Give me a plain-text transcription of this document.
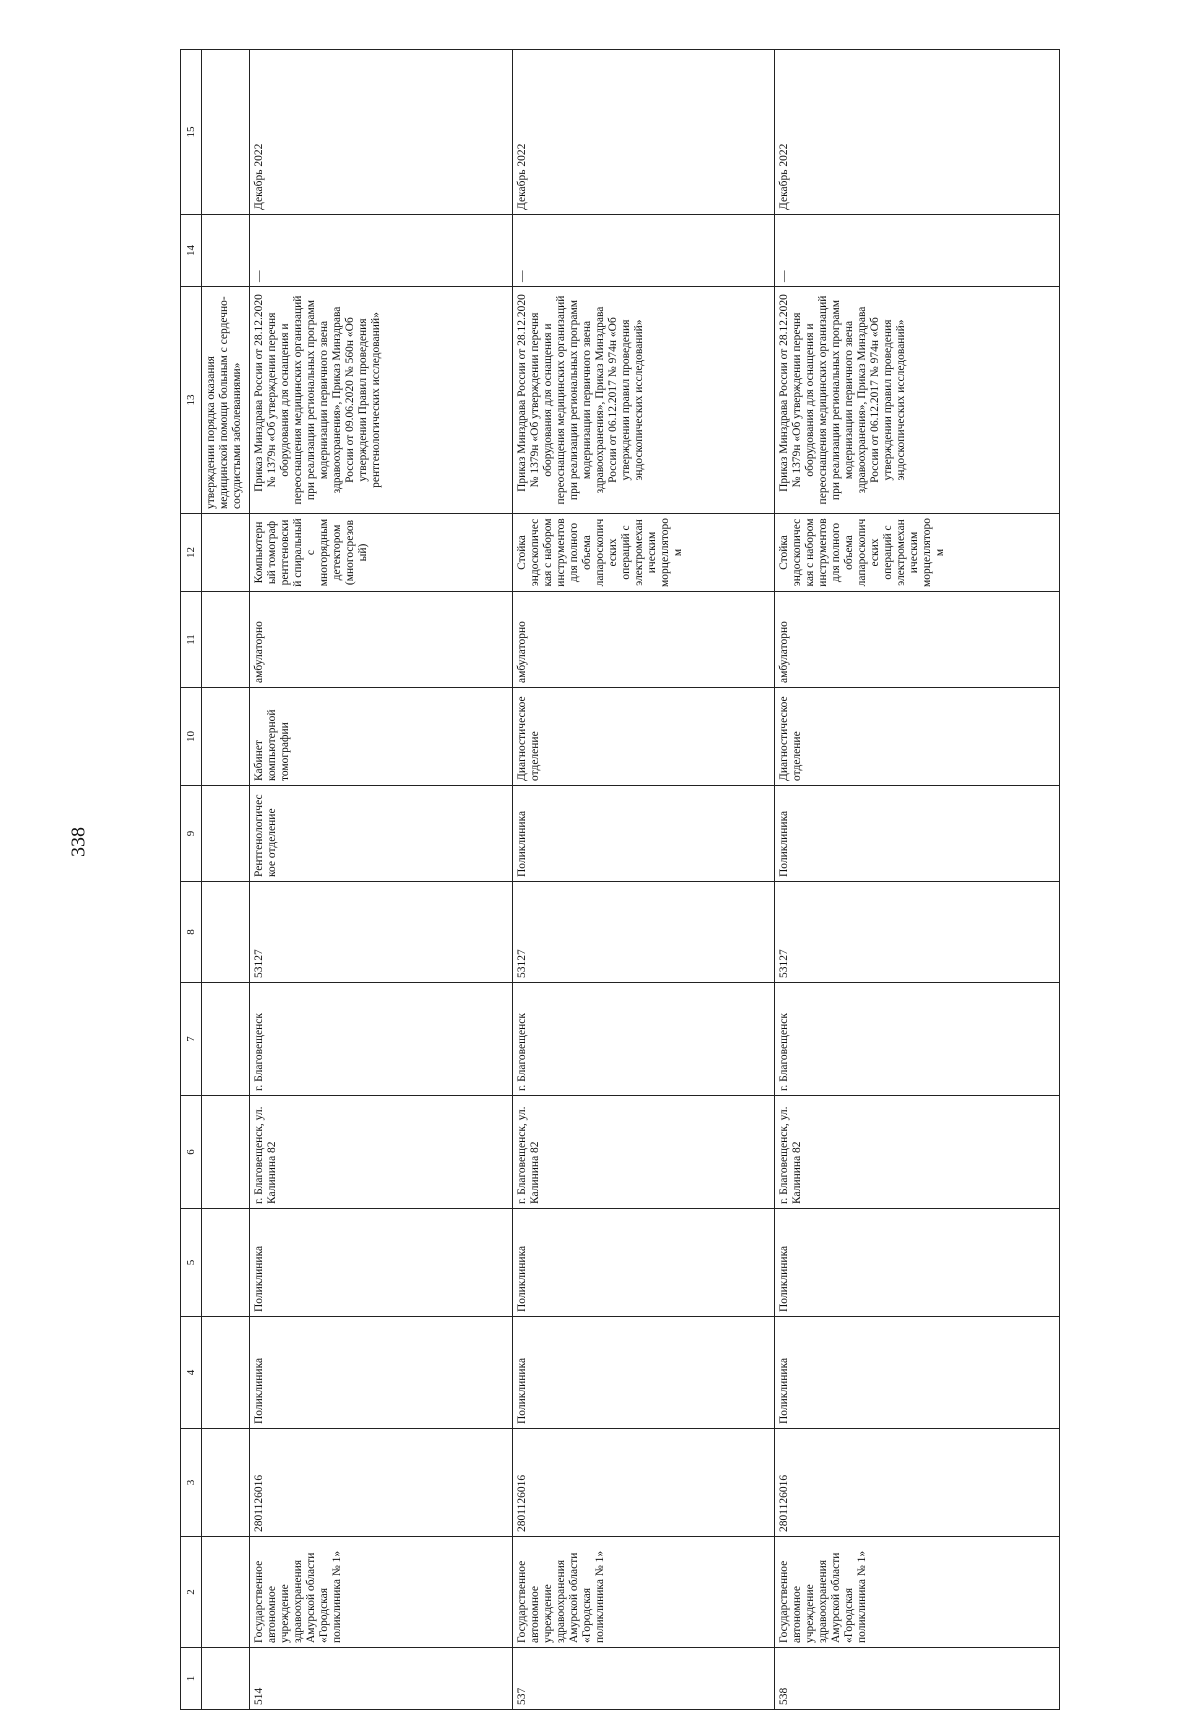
338
1	2	3	4	5	6	7	8	9	10	11	12	13	14	15
												утверждении порядка оказания медицинской помощи больным с сердечно-сосудистыми заболеваниями»		
514	Государственное автономное учреждение здравоохранения Амурской области «Городская поликлиника № 1»	2801126016	Поликлиника	Поликлиника	г. Благовещенск, ул. Калинина 82	г. Благовещенск	53127	Рентгенологическое отделение	Кабинет компьютерной томографии	амбулаторно	Компьютерный томограф рентгеновский спиральный с многорядным детектором (многосрезовый)	Приказ Минздрава России от 28.12.2020 № 1379н «Об утверждении перечня оборудования для оснащения и переоснащения медицинских организаций при реализации региональных программ модернизации первичного звена здравоохранения», Приказ Минздрава России от 09.06.2020 № 560н «Об утверждении Правил проведения рентгенологических исследований»	—	Декабрь 2022
537	Государственное автономное учреждение здравоохранения Амурской области «Городская поликлиника № 1»	2801126016	Поликлиника	Поликлиника	г. Благовещенск, ул. Калинина 82	г. Благовещенск	53127	Поликлиника	Диагностическое отделение	амбулаторно	Стойка эндоскопическая с набором инструментов для полного объема лапароскопических операций с электромеханическим морцеллятором	Приказ Минздрава России от 28.12.2020 № 1379н «Об утверждении перечня оборудования для оснащения и переоснащения медицинских организаций при реализации региональных программ модернизации первичного звена здравоохранения», Приказ Минздрава России от 06.12.2017 № 974н «Об утверждении правил проведения эндоскопических исследований»	—	Декабрь 2022
538	Государственное автономное учреждение здравоохранения Амурской области «Городская поликлиника № 1»	2801126016	Поликлиника	Поликлиника	г. Благовещенск, ул. Калинина 82	г. Благовещенск	53127	Поликлиника	Диагностическое отделение	амбулаторно	Стойка эндоскопическая с набором инструментов для полного объема лапароскопических операций с электромеханическим морцеллятором	Приказ Минздрава России от 28.12.2020 № 1379н «Об утверждении перечня оборудования для оснащения и переоснащения медицинских организаций при реализации региональных программ модернизации первичного звена здравоохранения», Приказ Минздрава России от 06.12.2017 № 974н «Об утверждении правил проведения эндоскопических исследований»	—	Декабрь 2022
